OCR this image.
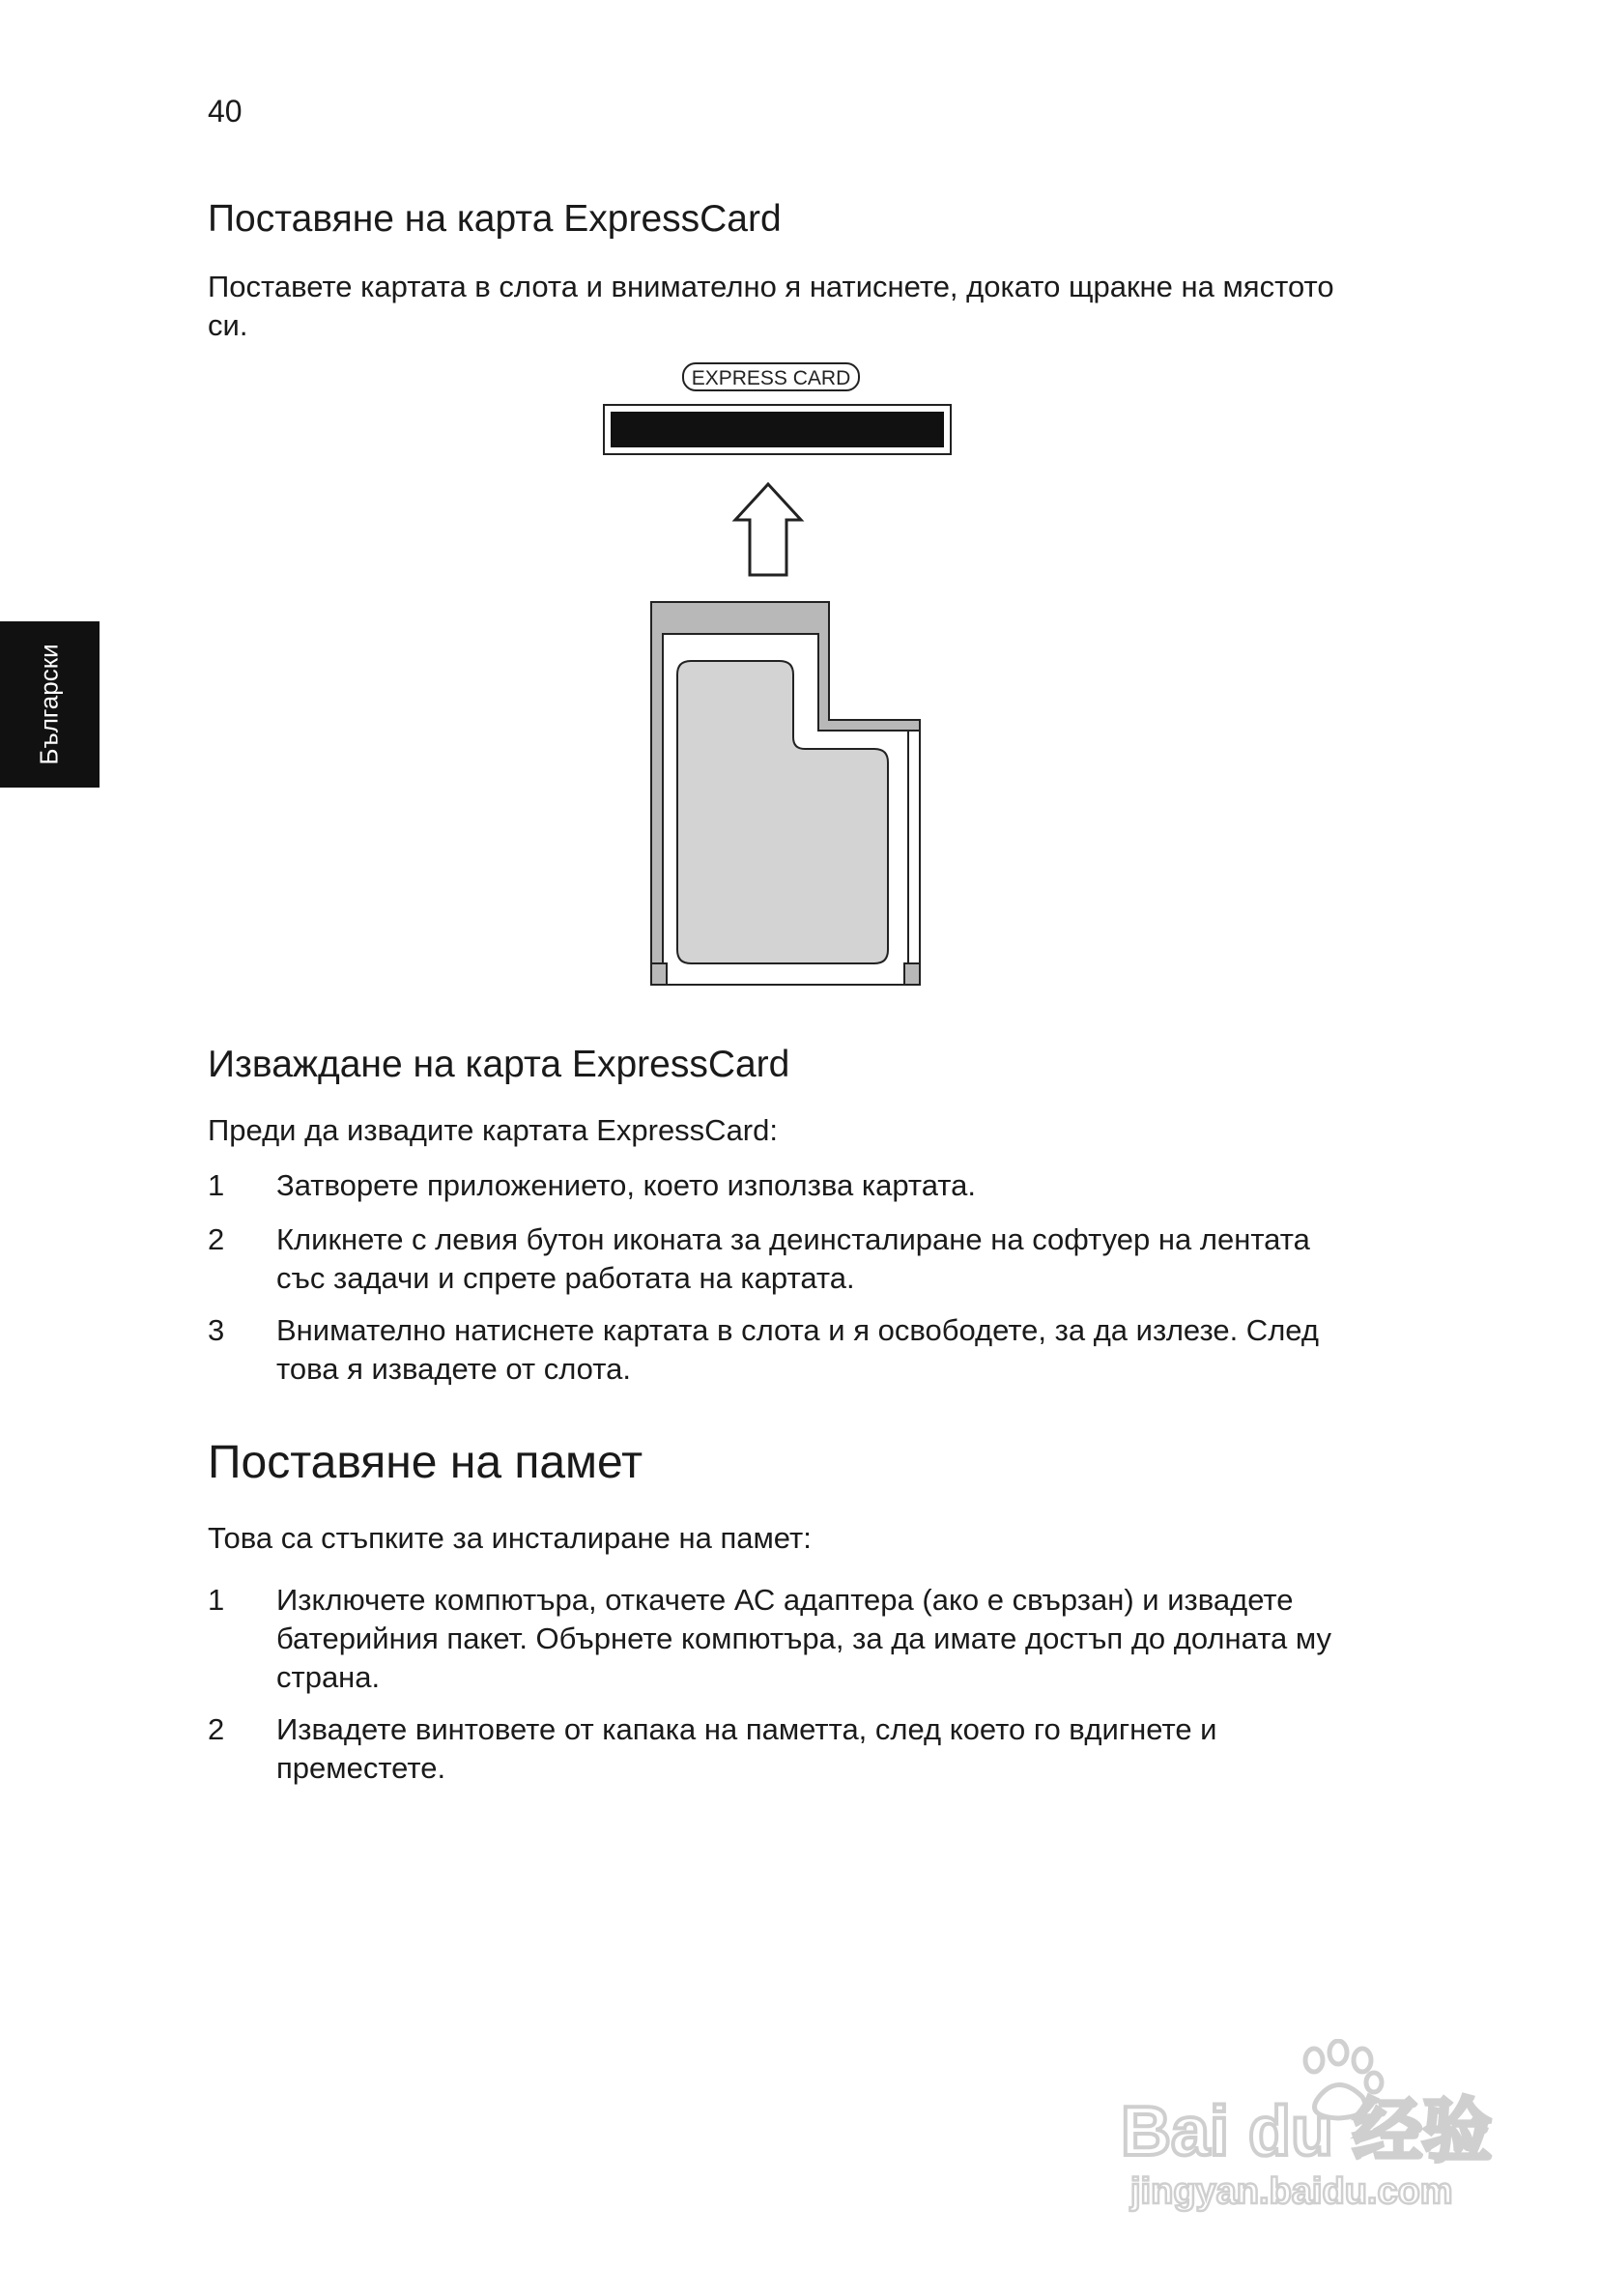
40
Български
Поставяне на карта ExpressCard
Поставете картата в слота и внимателно я натиснете, докато щракне на мястото си.
EXPRESS CARD
Изваждане на карта ExpressCard
Преди да извадите картата ExpressCard:
1 Затворете приложението, което използва картата.
2 Кликнете с левия бутон иконата за деинсталиране на софтуер на лентата със задачи и спрете работата на картата.
3 Внимателно натиснете картата в слота и я освободете, за да излезе. След това я извадете от слота.
Поставяне на памет
Това са стъпките за инсталиране на памет:
1 Изключете компютъра, откачете АС адаптера (ако е свързан) и извадете батерийния пакет. Обърнете компютъра, за да имате достъп до долната му страна.
2 Извадете винтовете от капака на паметта, след което го вдигнете и преместете.
Bai du 经验
jingyan.baidu.com
